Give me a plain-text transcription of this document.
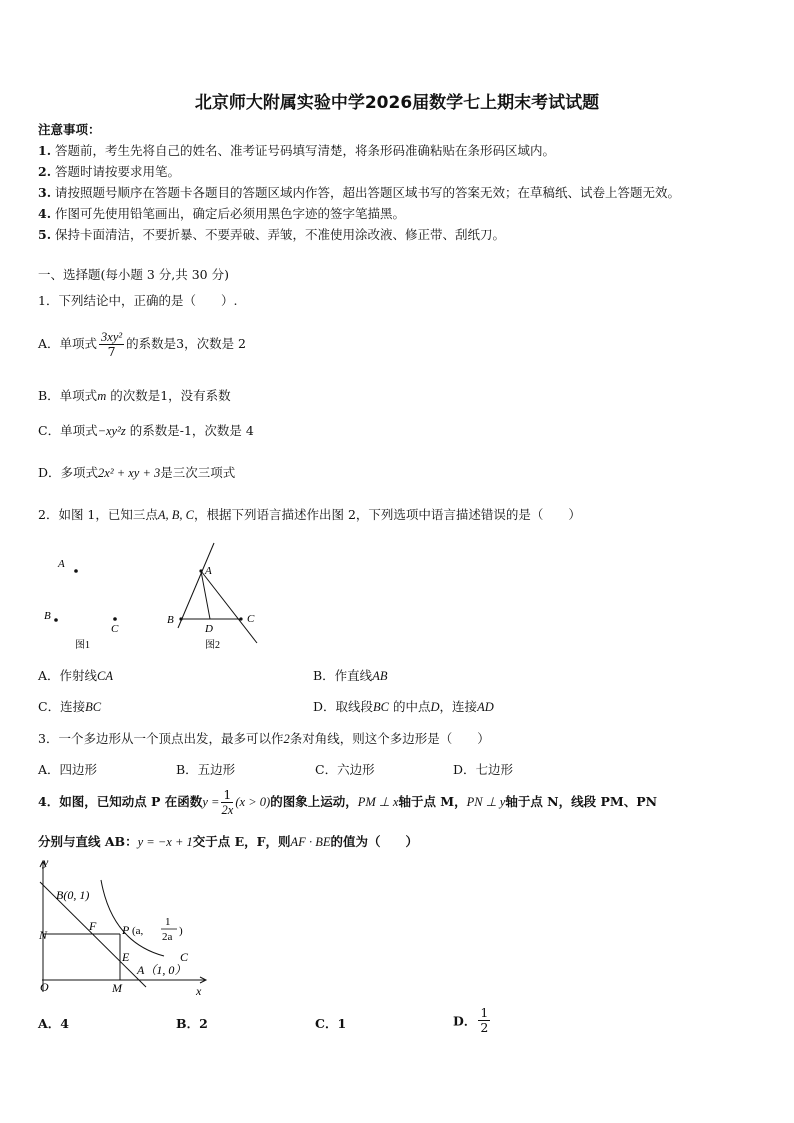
北京师大附属实验中学2026届数学七上期末考试试题
注意事项：
1. 答题前，考生先将自己的姓名、准考证号码填写清楚，将条形码准确粘贴在条形码区域内。
2. 答题时请按要求用笔。
3. 请按照题号顺序在答题卡各题目的答题区域内作答，超出答题区域书写的答案无效；在草稿纸、试卷上答题无效。
4. 作图可先使用铅笔画出，确定后必须用黑色字迹的签字笔描黑。
5. 保持卡面清洁，不要折暴、不要弄破、弄皱，不准使用涂改液、修正带、刮纸刀。
一、选择题(每小题 3 分,共 30 分)
1．下列结论中，正确的是（　　）.
A．单项式 $\frac{\text{3xy²}}{7}$ 的系数是3，次数是 2
B．单项式m 的次数是1，没有系数
C．单项式−xy²z 的系数是-1，次数是 4
D．多项式2x² + xy + 3是三次三项式
2．如图 1，已知三点A, B, C，根据下列语言描述作出图 2，下列选项中语言描述错误的是（　　）
A
B
C
图1
A
B	C
D
图2
A．作射线CA	B．作直线AB
C．连接BC	D．取线段BC 的中点D，连接AD
3．一个多边形从一个顶点出发，最多可以作2条对角线，则这个多边形是（　　）
A．四边形	B．五边形	C．六边形	D．七边形
4．如图，已知动点 P 在函数$y = \frac{1}{2x} (x > 0)$的图象上运动，PM ⊥ x轴于点 M，PN ⊥ y轴于点 N，线段 PM、PN
分别与直线 AB：y = −x + 1交于点 E，F，则AF · BE的值为（　　）
y
x
O
B(0, 1)
N
F P (a,
1
2a )
E	C
A（1, 0）
M
A．4	B．2	C．1	D． $\frac{1}{2}$
